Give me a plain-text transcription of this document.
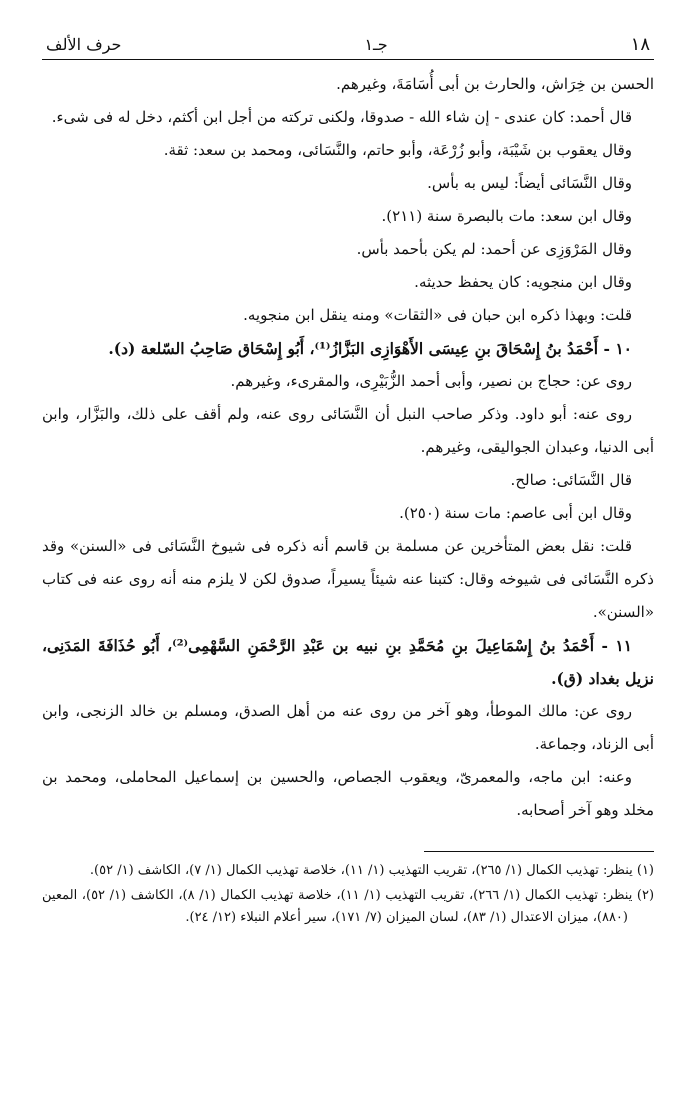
١٨
جـ١
حرف الألف

الحسن بن خِرَاش، والحارث بن أبى أُسَامَةَ، وغيرهم.

قال أحمد: كان عندى - إن شاء الله - صدوقا، ولكنى تركته من أجل ابن أكثم، دخل له فى شىء.

وقال يعقوب بن شَيْبَة، وأبو زُرْعَة، وأبو حاتم، والنَّسَائى، ومحمد بن سعد: ثقة.

وقال النَّسَائى أيضاً: ليس به بأس.

وقال ابن سعد: مات بالبصرة سنة (٢١١).

وقال المَرْوَزِى عن أحمد: لم يكن بأحمد بأس.

وقال ابن منجويه: كان يحفظ حديثه.

قلت: وبهذا ذكره ابن حبان فى «الثقات» ومنه ينقل ابن منجويه.

١٠ - أَحْمَدُ بنُ إِسْحَاقَ بنِ عِيسَى الأَهْوَازِى البَزَّازُ⁽¹⁾، أَبُو إِسْحَاق صَاحِبُ السّلعة (د).

روى عن: حجاج بن نصير، وأبى أحمد الزُّبَيْرِى، والمقرىء، وغيرهم.

روى عنه: أبو داود. وذكر صاحب النبل أن النَّسَائى روى عنه، ولم أقف على ذلك، والبَزَّار، وابن أبى الدنيا، وعبدان الجواليقى، وغيرهم.

قال النَّسَائى: صالح.

وقال ابن أبى عاصم: مات سنة (٢٥٠).

قلت: نقل بعض المتأخرين عن مسلمة بن قاسم أنه ذكره فى شيوخ النَّسَائى فى «السنن» وقد ذكره النَّسَائى فى شيوخه وقال: كتبنا عنه شيئاً يسيراً، صدوق لكن لا يلزم منه أنه روى عنه فى كتاب «السنن».

١١ - أَحْمَدُ بنُ إِسْمَاعِيلَ بنِ مُحَمَّدِ بنِ نبيه بن عَبْدِ الرَّحْمَنِ السَّهْمِى⁽²⁾، أَبُو حُذَافَةَ المَدَنِى، نزيل بغداد (ق).

روى عن: مالك الموطأ، وهو آخر من روى عنه من أهل الصدق، ومسلم بن خالد الزنجى، وابن أبى الزناد، وجماعة.

وعنه: ابن ماجه، والمعمرىّ، ويعقوب الجصاص، والحسين بن إسماعيل المحاملى، ومحمد بن مخلد وهو آخر أصحابه.

(١) ينظر: تهذيب الكمال (١/ ٢٦٥)، تقريب التهذيب (١/ ١١)، خلاصة تهذيب الكمال (١/ ٧)، الكاشف (١/ ٥٢).

(٢) ينظر: تهذيب الكمال (١/ ٢٦٦)، تقريب التهذيب (١/ ١١)، خلاصة تهذيب الكمال (١/ ٨)، الكاشف (١/ ٥٢)، المعين (٨٨٠)، ميزان الاعتدال (١/ ٨٣)، لسان الميزان (٧/ ١٧١)، سير أعلام النبلاء (١٢/ ٢٤).
